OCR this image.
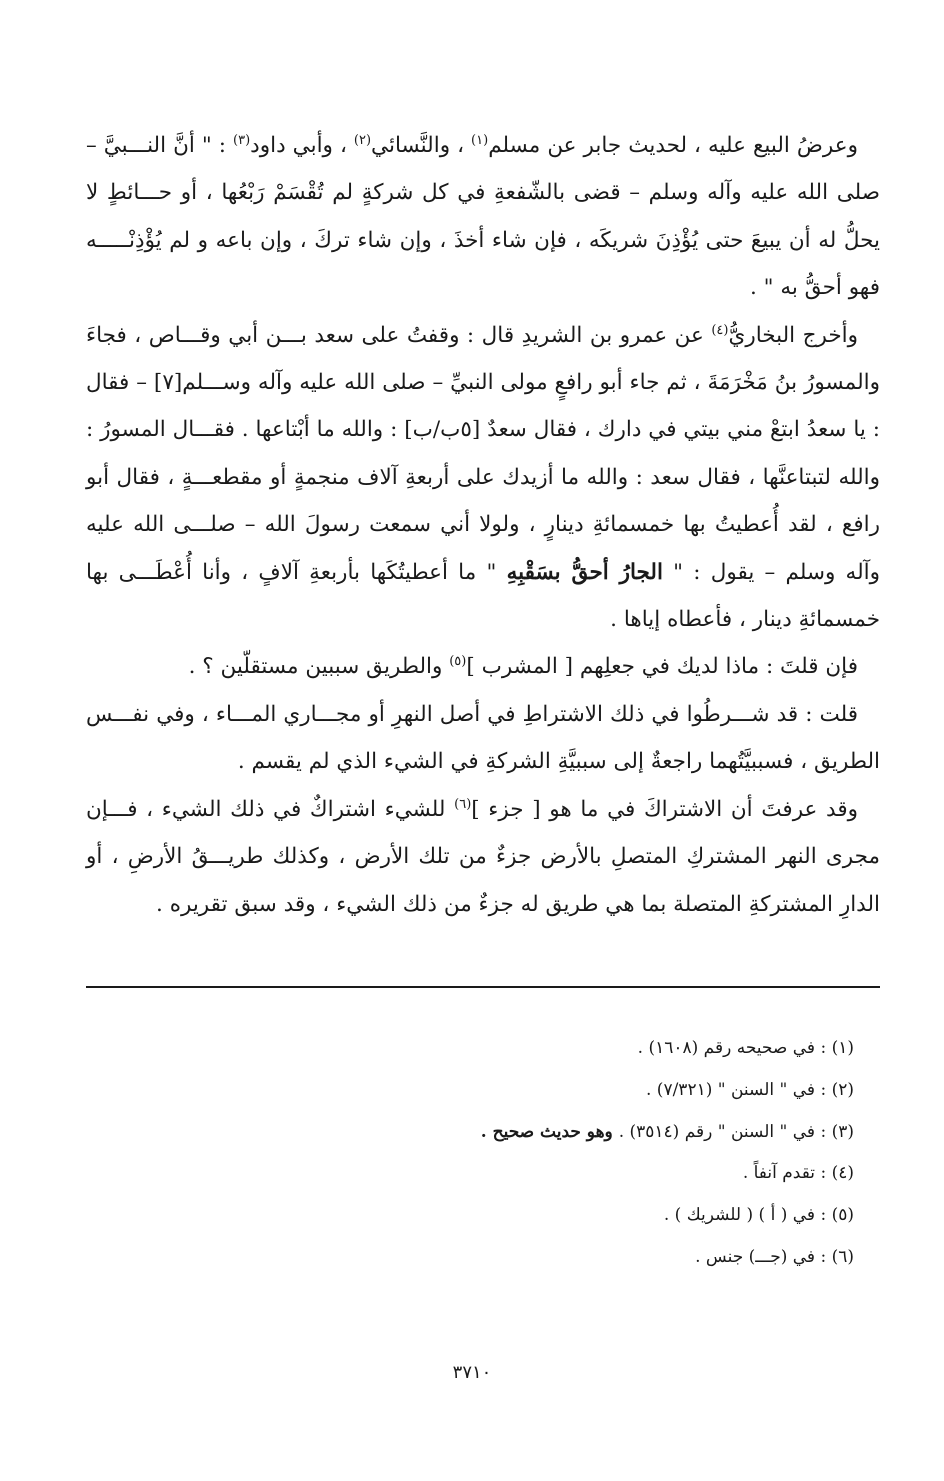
وعرضُ البيع عليه ، لحديث جابر عن مسلم$^{(١)}$ ، والنَّسائي$^{(٢)}$ ، وأبي داود$^{(٣)}$ : " أنَّ النـــبيَّ – صلى الله عليه وآله وسلم – قضى بالشّفعةِ في كل شركةٍ لم تُقْسَمْ رَبْعُها ، أو حـــائطٍ لا يحلُّ له أن يبيعَ حتى يُؤْذِنَ شريكَه ، فإن شاء أخذَ ، وإن شاء تركَ ، وإن باعه و لم يُؤْذِنْـــــه فهو أحقُّ به " .

وأخرج البخاريُّ$^{(٤)}$ عن عمرو بن الشريدِ قال : وقفتُ على سعد بـــن أبي وقـــاص ، فجاءَ والمسورُ بنُ مَخْرَمَةَ ، ثم جاء أبو رافعٍ مولى النبيِّ – صلى الله عليه وآله وســـلم[٧] – فقال : يا سعدُ ابتعْ مني بيتي في دارك ، فقال سعدٌ [٥ب/ب] : والله ما أبْتاعها . فقـــال المسورُ : والله لتبتاعنَّها ، فقال سعد : والله ما أزيدك على أربعةِ آلاف منجمةٍ أو مقطعـــةٍ ، فقال أبو رافع ، لقد أُعطيتُ بها خمسمائةِ دينارٍ ، ولولا أني سمعت رسولَ الله – صلـــى الله عليه وآله وسلم – يقول : " الجارُ أحقُّ بسَقْبِهِ " ما أعطيتُكَها بأربعةِ آلافٍ ، وأنا أُعْطَـــى بها خمسمائةِ دينار ، فأعطاه إياها .

فإن قلتَ : ماذا لديك في جعلِهم [ المشرب ]$^{(٥)}$ والطريق سببين مستقلّين ؟ .

قلت : قد شـــرطُوا في ذلك الاشتراطِ في أصل النهرِ أو مجـــاري المـــاء ، وفي نفـــس الطريق ، فسببيَّتُهما راجعةٌ إلى سببيَّةِ الشركةِ في الشيء الذي لم يقسم .

وقد عرفتَ أن الاشتراكَ في ما هو [ جزء ]$^{(٦)}$ للشيء اشتراكٌ في ذلك الشيء ، فـــإن مجرى النهر المشتركِ المتصلِ بالأرض جزءٌ من تلك الأرض ، وكذلك طريـــقُ الأرضِ ، أو الدارِ المشتركةِ المتصلة بما هي طريق له جزءٌ من ذلك الشيء ، وقد سبق تقريره .

(١) : في صحيحه رقم (١٦٠٨) .

(٢) : في " السنن " (٧/٣٢١) .

(٣) : في " السنن " رقم (٣٥١٤) . وهو حديث صحيح .

(٤) : تقدم آنفاً .

(٥) : في ( أ ) ( للشريك ) .

(٦) : في (جـــ) جنس .

٣٧١٠
